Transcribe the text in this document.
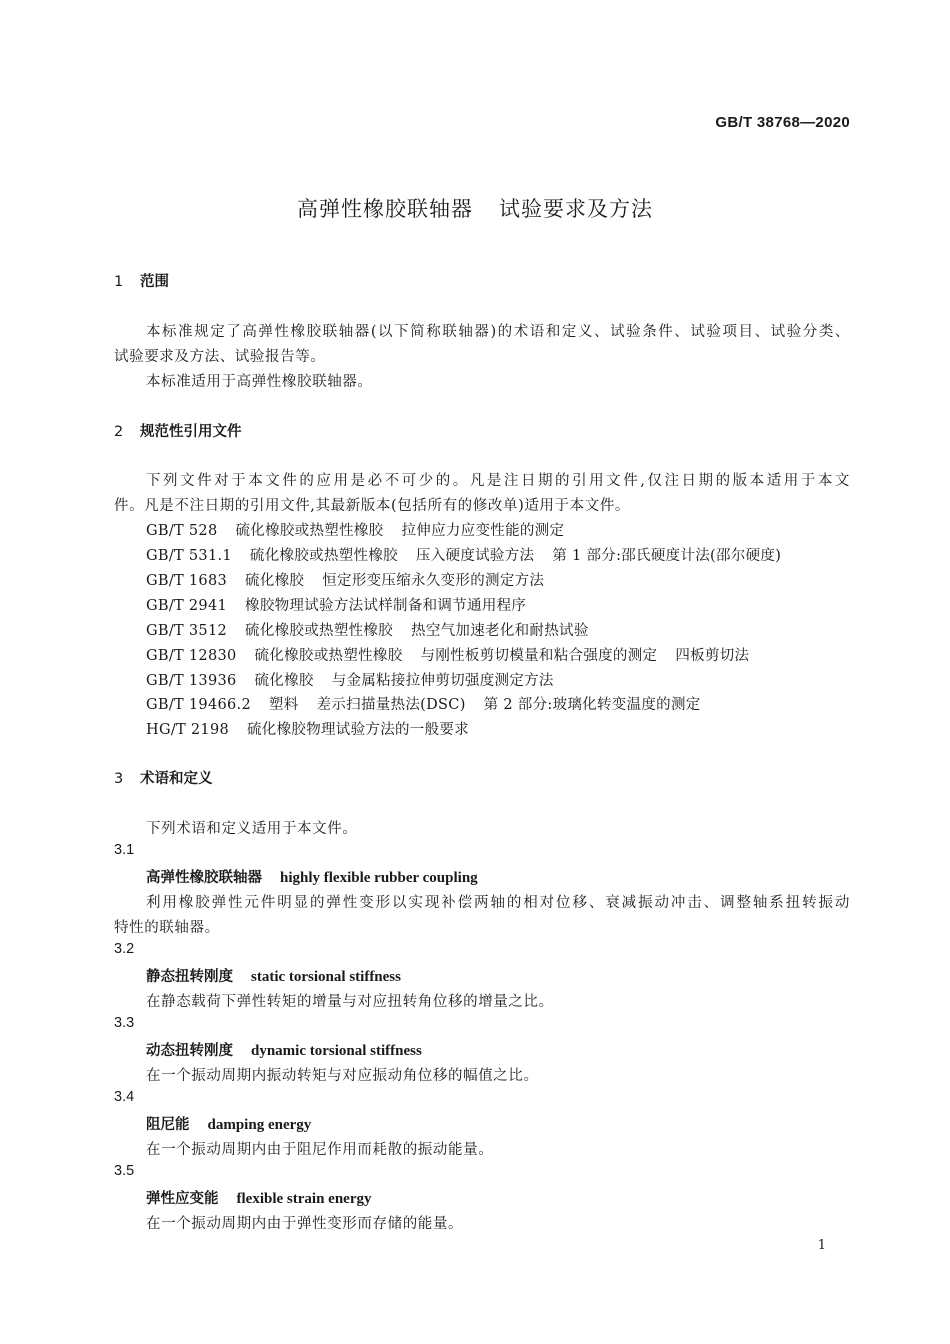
GB/T 38768—2020
高弹性橡胶联轴器 试验要求及方法
1 范围
本标准规定了高弹性橡胶联轴器(以下简称联轴器)的术语和定义、试验条件、试验项目、试验分类、
试验要求及方法、试验报告等。
本标准适用于高弹性橡胶联轴器。
2 规范性引用文件
下列文件对于本文件的应用是必不可少的。凡是注日期的引用文件,仅注日期的版本适用于本文
件。凡是不注日期的引用文件,其最新版本(包括所有的修改单)适用于本文件。
GB/T 528 硫化橡胶或热塑性橡胶 拉伸应力应变性能的测定
GB/T 531.1 硫化橡胶或热塑性橡胶 压入硬度试验方法 第 1 部分:邵氏硬度计法(邵尔硬度)
GB/T 1683 硫化橡胶 恒定形变压缩永久变形的测定方法
GB/T 2941 橡胶物理试验方法试样制备和调节通用程序
GB/T 3512 硫化橡胶或热塑性橡胶 热空气加速老化和耐热试验
GB/T 12830 硫化橡胶或热塑性橡胶 与刚性板剪切模量和粘合强度的测定 四板剪切法
GB/T 13936 硫化橡胶 与金属粘接拉伸剪切强度测定方法
GB/T 19466.2 塑料 差示扫描量热法(DSC) 第 2 部分:玻璃化转变温度的测定
HG/T 2198 硫化橡胶物理试验方法的一般要求
3 术语和定义
下列术语和定义适用于本文件。
3.1
高弹性橡胶联轴器 highly flexible rubber coupling
利用橡胶弹性元件明显的弹性变形以实现补偿两轴的相对位移、衰减振动冲击、调整轴系扭转振动
特性的联轴器。
3.2
静态扭转刚度 static torsional stiffness
在静态载荷下弹性转矩的增量与对应扭转角位移的增量之比。
3.3
动态扭转刚度 dynamic torsional stiffness
在一个振动周期内振动转矩与对应振动角位移的幅值之比。
3.4
阻尼能 damping energy
在一个振动周期内由于阻尼作用而耗散的振动能量。
3.5
弹性应变能 flexible strain energy
在一个振动周期内由于弹性变形而存储的能量。
1
